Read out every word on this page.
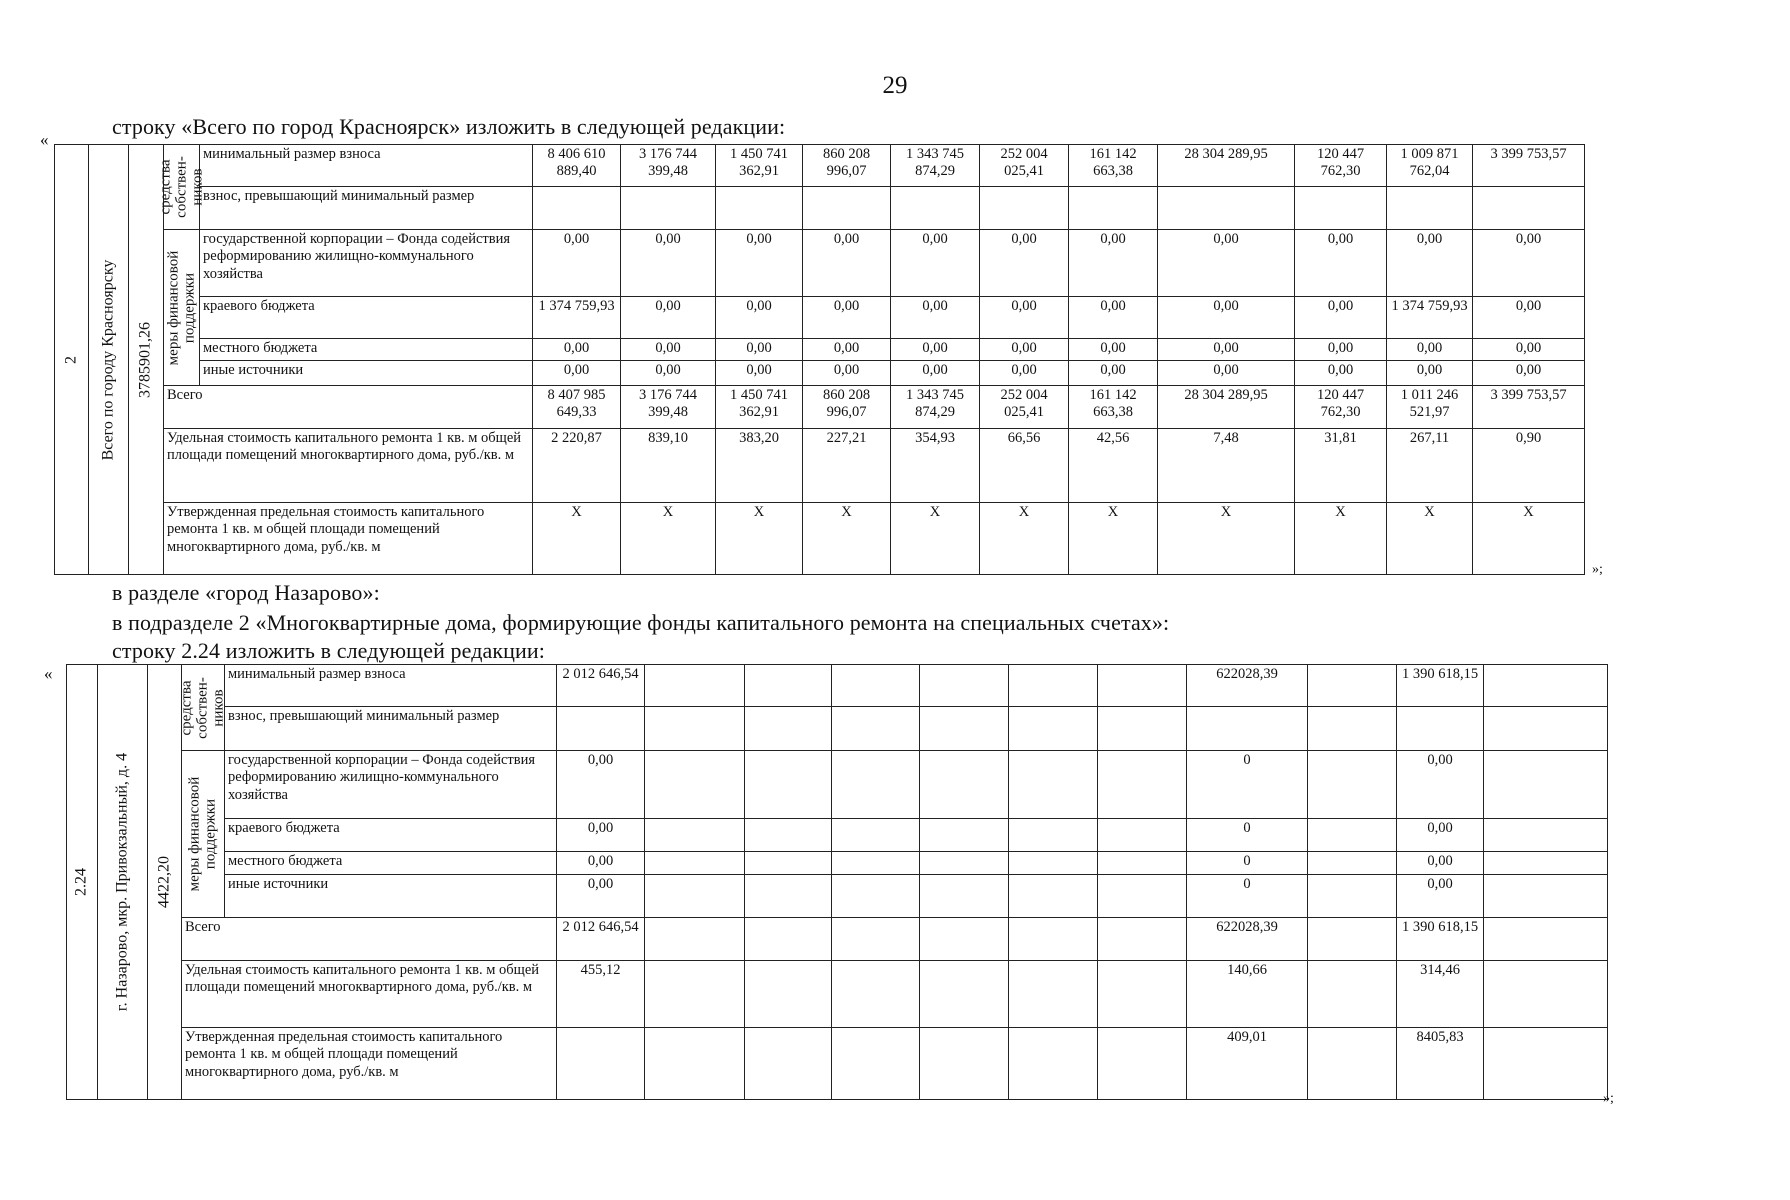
29
строку «Всего по город Красноярск» изложить в следующей редакции:
«
2	Всего по городу Красноярску	3785901,26	средства собствен-ников	минимальный размер взноса	8 406 610 889,40	3 176 744 399,48	1 450 741 362,91	860 208 996,07	1 343 745 874,29	252 004 025,41	161 142 663,38	28 304 289,95	120 447 762,30	1 009 871 762,04	3 399 753,57
				взнос, превышающий минимальный размер											

			меры финансовой поддержки	государственной корпорации – Фонда содействия реформированию жилищно-коммунального хозяйства	0,00	0,00	0,00	0,00	0,00	0,00	0,00	0,00	0,00	0,00	0,00
				краевого бюджета	1 374 759,93	0,00	0,00	0,00	0,00	0,00	0,00	0,00	0,00	1 374 759,93	0,00
				местного бюджета	0,00	0,00	0,00	0,00	0,00	0,00	0,00	0,00	0,00	0,00	0,00
				иные источники	0,00	0,00	0,00	0,00	0,00	0,00	0,00	0,00	0,00	0,00	0,00
			Всего		8 407 985 649,33	3 176 744 399,48	1 450 741 362,91	860 208 996,07	1 343 745 874,29	252 004 025,41	161 142 663,38	28 304 289,95	120 447 762,30	1 011 246 521,97	3 399 753,57
			Удельная стоимость капитального ремонта 1 кв. м общей площади помещений многоквартирного дома, руб./кв. м		2 220,87	839,10	383,20	227,21	354,93	66,56	42,56	7,48	31,81	267,11	0,90
			Утвержденная предельная стоимость капитального ремонта 1 кв. м общей площади помещений многоквартирного дома, руб./кв. м		X	X	X	X	X	X	X	X	X	X	X
»;
в разделе «город Назарово»:
в подразделе 2 «Многоквартирные дома, формирующие фонды капитального ремонта на специальных счетах»:
строку 2.24 изложить в следующей редакции:
«
2.24	г. Назарово, мкр. Привокзальный, д. 4	4422,20	средства собствен-ников	минимальный размер взноса	2 012 646,54							622028,39		1 390 618,15	
				взнос, превышающий минимальный размер											

			меры финансовой поддержки	государственной корпорации – Фонда содействия реформированию жилищно-коммунального хозяйства	0,00							0		0,00	
				краевого бюджета	0,00							0		0,00	
				местного бюджета	0,00							0		0,00	
				иные источники	0,00							0		0,00	
			Всего		2 012 646,54							622028,39		1 390 618,15	
			Удельная стоимость капитального ремонта 1 кв. м общей площади помещений многоквартирного дома, руб./кв. м		455,12							140,66		314,46	
			Утвержденная предельная стоимость капитального ремонта 1 кв. м общей площади помещений многоквартирного дома, руб./кв. м									409,01		8405,83	
»;
